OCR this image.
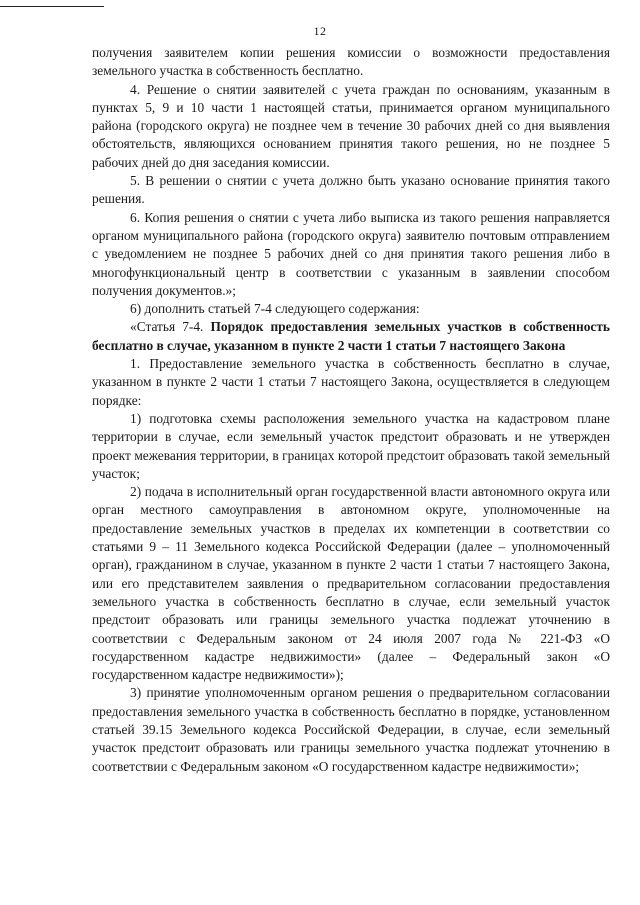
12

получения заявителем копии решения комиссии о возможности предоставления земельного участка в собственность бесплатно.

4. Решение о снятии заявителей с учета граждан по основаниям, указанным в пунктах 5, 9 и 10 части 1 настоящей статьи, принимается органом муниципального района (городского округа) не позднее чем в течение 30 рабочих дней со дня выявления обстоятельств, являющихся основанием принятия такого решения, но не позднее 5 рабочих дней до дня заседания комиссии.

5. В решении о снятии с учета должно быть указано основание принятия такого решения.

6. Копия решения о снятии с учета либо выписка из такого решения направляется органом муниципального района (городского округа) заявителю почтовым отправлением с уведомлением не позднее 5 рабочих дней со дня принятия такого решения либо в многофункциональный центр в соответствии с указанным в заявлении способом получения документов.»;

6) дополнить статьей 7-4 следующего содержания:

«Статья 7-4. Порядок предоставления земельных участков в собственность бесплатно в случае, указанном в пункте 2 части 1 статьи 7 настоящего Закона

1. Предоставление земельного участка в собственность бесплатно в случае, указанном в пункте 2 части 1 статьи 7 настоящего Закона, осуществляется в следующем порядке:

1) подготовка схемы расположения земельного участка на кадастровом плане территории в случае, если земельный участок предстоит образовать и не утвержден проект межевания территории, в границах которой предстоит образовать такой земельный участок;

2) подача в исполнительный орган государственной власти автономного округа или орган местного самоуправления в автономном округе, уполномоченные на предоставление земельных участков в пределах их компетенции в соответствии со статьями 9 – 11 Земельного кодекса Российской Федерации (далее – уполномоченный орган), гражданином в случае, указанном в пункте 2 части 1 статьи 7 настоящего Закона, или его представителем заявления о предварительном согласовании предоставления земельного участка в собственность бесплатно в случае, если земельный участок предстоит образовать или границы земельного участка подлежат уточнению в соответствии с Федеральным законом от 24 июля 2007 года № 221-ФЗ «О государственном кадастре недвижимости» (далее – Федеральный закон «О государственном кадастре недвижимости»);

3) принятие уполномоченным органом решения о предварительном согласовании предоставления земельного участка в собственность бесплатно в порядке, установленном статьей 39.15 Земельного кодекса Российской Федерации, в случае, если земельный участок предстоит образовать или границы земельного участка подлежат уточнению в соответствии с Федеральным законом «О государственном кадастре недвижимости»;
